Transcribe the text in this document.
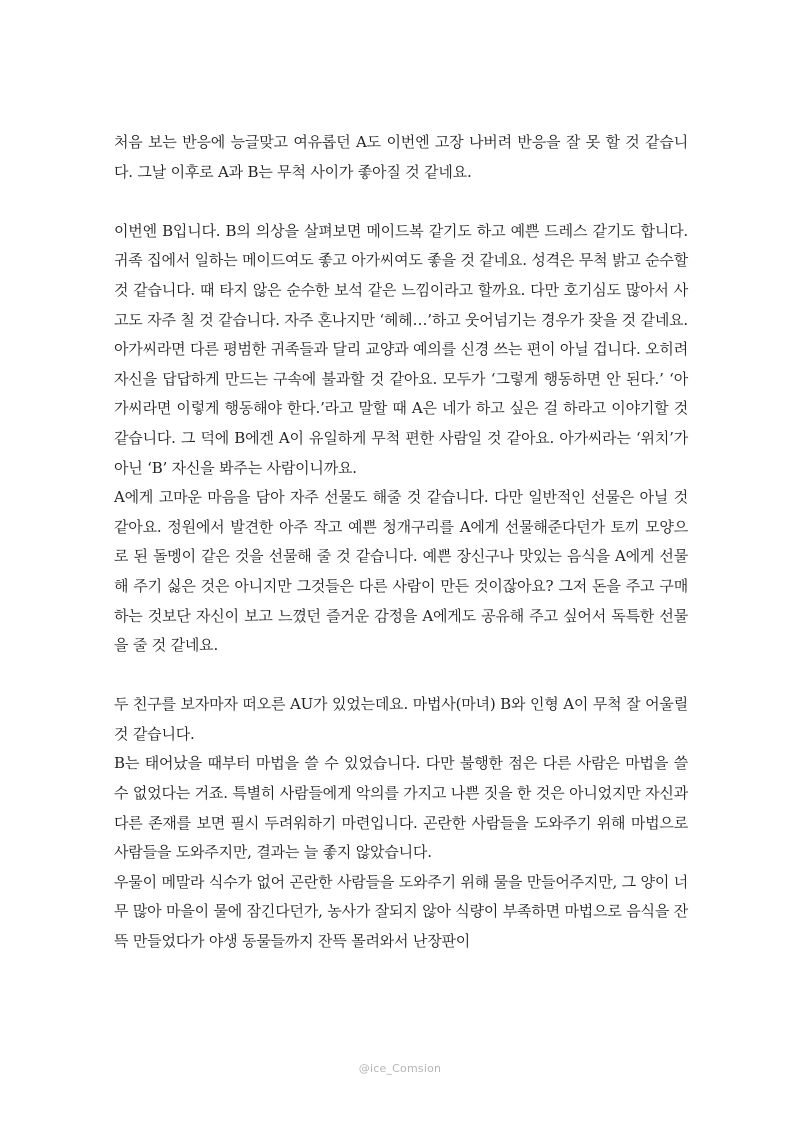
처음 보는 반응에 능글맞고 여유롭던 A도 이번엔 고장 나버려 반응을 잘 못 할 것 같습니다. 그날 이후로 A과 B는 무척 사이가 좋아질 것 같네요.

이번엔 B입니다. B의 의상을 살펴보면 메이드복 같기도 하고 예쁜 드레스 같기도 합니다. 귀족 집에서 일하는 메이드여도 좋고 아가씨여도 좋을 것 같네요. 성격은 무척 밝고 순수할 것 같습니다. 때 타지 않은 순수한 보석 같은 느낌이라고 할까요. 다만 호기심도 많아서 사고도 자주 칠 것 같습니다. 자주 혼나지만 ‘헤헤…’하고 웃어넘기는 경우가 잦을 것 같네요. 아가씨라면 다른 평범한 귀족들과 달리 교양과 예의를 신경 쓰는 편이 아닐 겁니다. 오히려 자신을 답답하게 만드는 구속에 불과할 것 같아요. 모두가 ‘그렇게 행동하면 안 된다.’ ‘아가씨라면 이렇게 행동해야 한다.’라고 말할 때 A은 네가 하고 싶은 걸 하라고 이야기할 것 같습니다. 그 덕에 B에겐 A이 유일하게 무척 편한 사람일 것 같아요. 아가씨라는 ‘위치’가 아닌 ‘B’ 자신을 봐주는 사람이니까요.

A에게 고마운 마음을 담아 자주 선물도 해줄 것 같습니다. 다만 일반적인 선물은 아닐 것 같아요. 정원에서 발견한 아주 작고 예쁜 청개구리를 A에게 선물해준다던가 토끼 모양으로 된 돌멩이 같은 것을 선물해 줄 것 같습니다. 예쁜 장신구나 맛있는 음식을 A에게 선물 해 주기 싫은 것은 아니지만 그것들은 다른 사람이 만든 것이잖아요? 그저 돈을 주고 구매하는 것보단 자신이 보고 느꼈던 즐거운 감정을 A에게도 공유해 주고 싶어서 독특한 선물을 줄 것 같네요.

두 친구를 보자마자 떠오른 AU가 있었는데요. 마법사(마녀) B와 인형 A이 무척 잘 어울릴 것 같습니다.

B는 태어났을 때부터 마법을 쓸 수 있었습니다. 다만 불행한 점은 다른 사람은 마법을 쓸 수 없었다는 거죠. 특별히 사람들에게 악의를 가지고 나쁜 짓을 한 것은 아니었지만 자신과 다른 존재를 보면 필시 두려워하기 마련입니다. 곤란한 사람들을 도와주기 위해 마법으로 사람들을 도와주지만, 결과는 늘 좋지 않았습니다.

우물이 메말라 식수가 없어 곤란한 사람들을 도와주기 위해 물을 만들어주지만, 그 양이 너무 많아 마을이 물에 잠긴다던가, 농사가 잘되지 않아 식량이 부족하면 마법으로 음식을 잔뜩 만들었다가 야생 동물들까지 잔뜩 몰려와서 난장판이

@ice_Comsion
